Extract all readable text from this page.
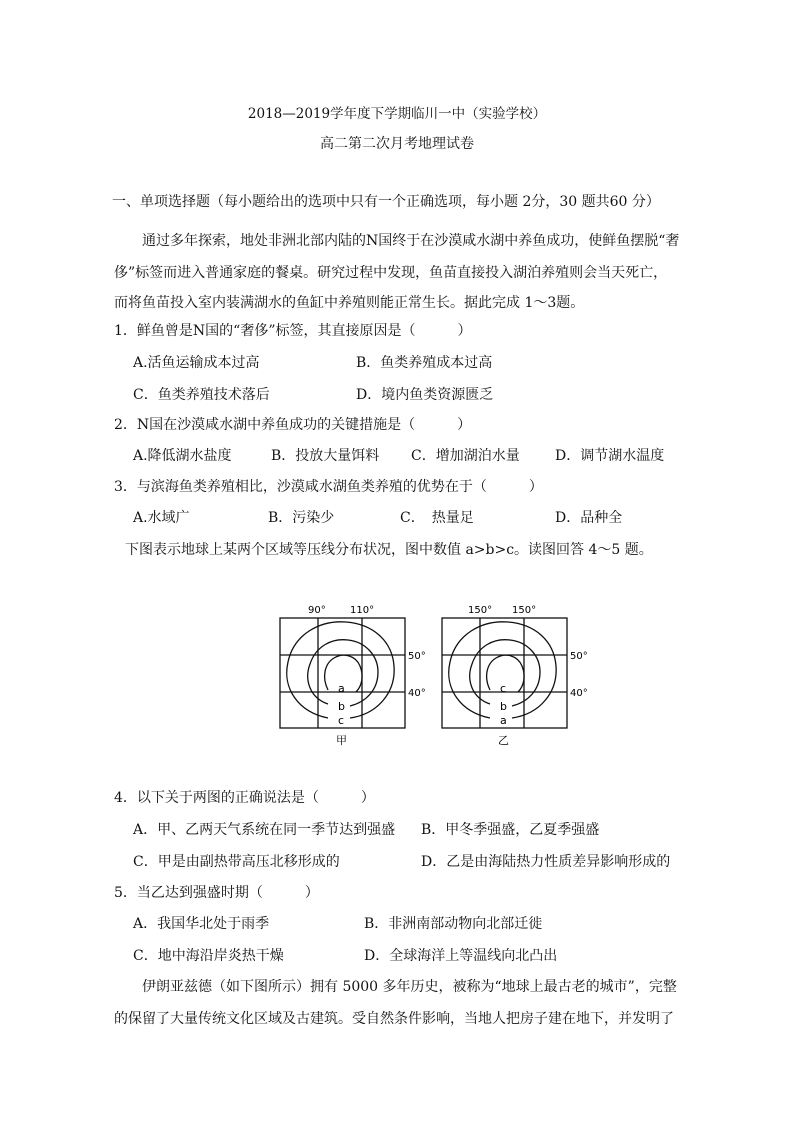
2018—2019学年度下学期临川一中（实验学校）
高二第二次月考地理试卷
一、单项选择题（每小题给出的选项中只有一个正确选项，每小题 2分，30 题共60 分）
通过多年探索，地处非洲北部内陆的N国终于在沙漠咸水湖中养鱼成功，使鲜鱼摆脱“奢
侈”标签而进入普通家庭的餐桌。研究过程中发现，鱼苗直接投入湖泊养殖则会当天死亡，
而将鱼苗投入室内装满湖水的鱼缸中养殖则能正常生长。据此完成 1～3题。
1．鲜鱼曾是N国的“奢侈”标签，其直接原因是（　　　）
A.活鱼运输成本过高	B．鱼类养殖成本过高
C．鱼类养殖技术落后	D．境内鱼类资源匮乏
2．N国在沙漠咸水湖中养鱼成功的关键措施是（　　　）
A.降低湖水盐度	B．投放大量饵料 C．增加湖泊水量	D．调节湖水温度
3．与滨海鱼类养殖相比，沙漠咸水湖鱼类养殖的优势在于（　　　）
A.水域广	B．污染少	C．　热量足	D．品种全
下图表示地球上某两个区域等压线分布状况，图中数值 a>b>c。读图回答 4～5 题。
90° 110°
50°
40°
a
b
c
甲
150° 150°
50°
40°
c
b
a
乙
4．以下关于两图的正确说法是（　　　）
A．甲、乙两天气系统在同一季节达到强盛 B．甲冬季强盛，乙夏季强盛
C．甲是由副热带高压北移形成的	D．乙是由海陆热力性质差异影响形成的
5．当乙达到强盛时期（　　　）
A．我国华北处于雨季	B．非洲南部动物向北部迁徙
C．地中海沿岸炎热干燥	D．全球海洋上等温线向北凸出
伊朗亚兹德（如下图所示）拥有 5000 多年历史，被称为“地球上最古老的城市”，完整
的保留了大量传统文化区域及古建筑。受自然条件影响，当地人把房子建在地下，并发明了
